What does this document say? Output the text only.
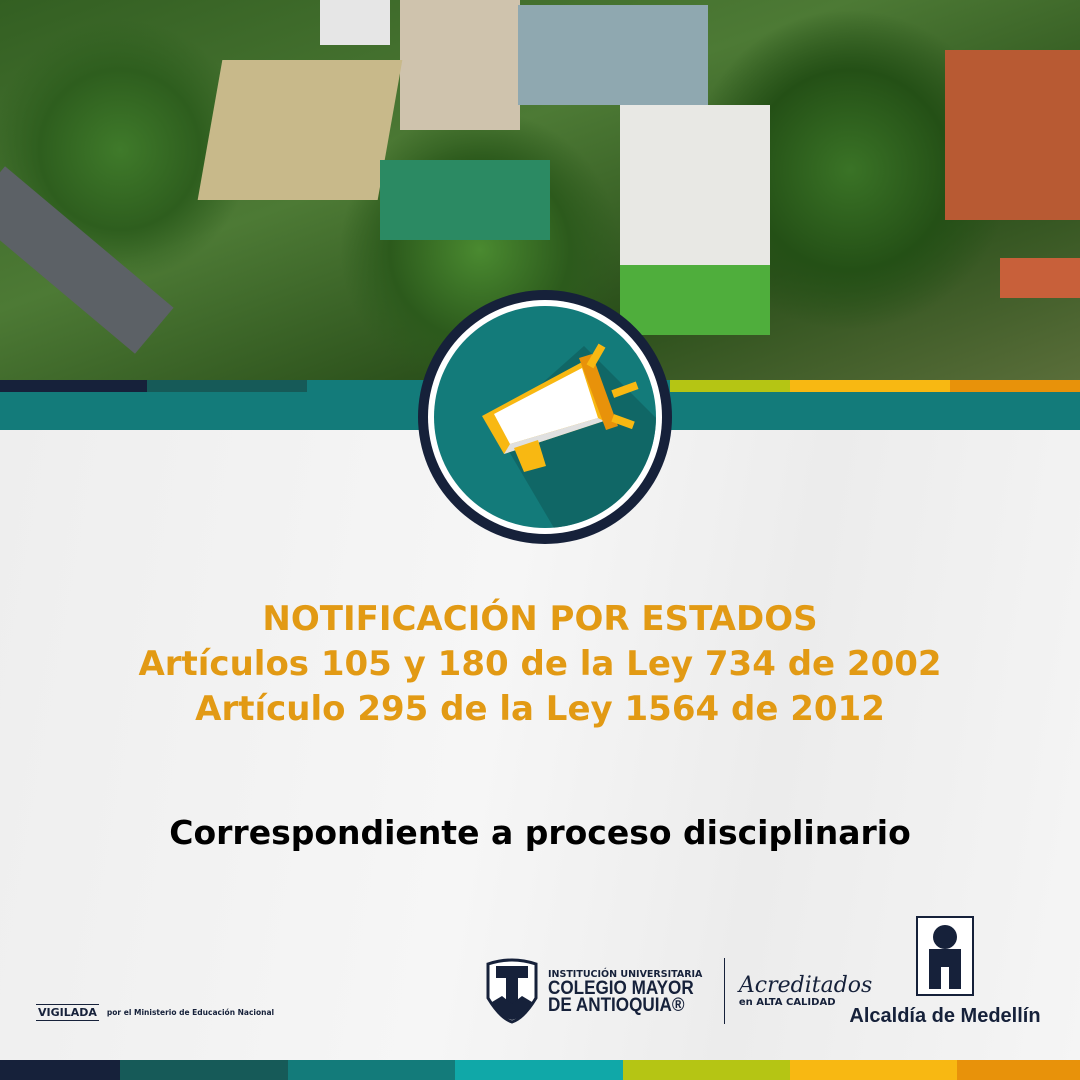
NOTIFICACIÓN POR ESTADOS
Artículos 105 y 180 de la Ley 734 de 2002
Artículo 295 de la Ley 1564 de 2012
Correspondiente a proceso disciplinario
VIGILADA por el Ministerio de Educación Nacional
INSTITUCIÓN UNIVERSITARIA
COLEGIO MAYOR
DE ANTIOQUIA®
Acreditados
en ALTA CALIDAD
Alcaldía de Medellín
